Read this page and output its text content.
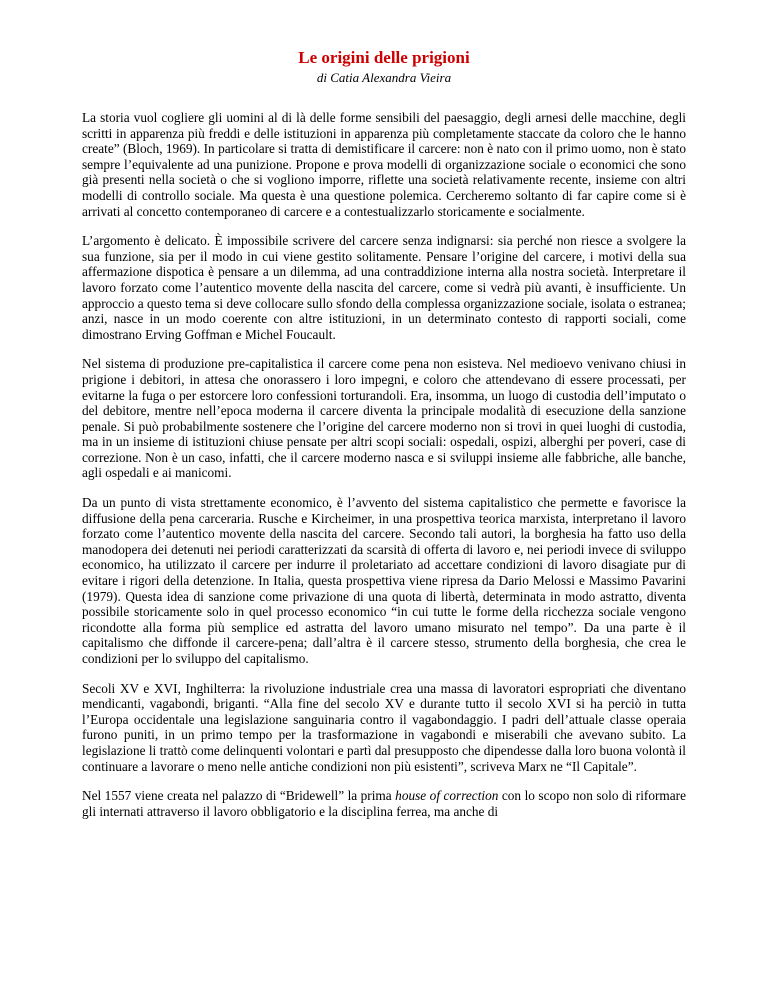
Le origini delle prigioni
di Catia Alexandra Vieira

La storia vuol cogliere gli uomini al di là delle forme sensibili del paesaggio, degli arnesi delle macchine, degli scritti in apparenza più freddi e delle istituzioni in apparenza più completamente staccate da coloro che le hanno create” (Bloch, 1969). In particolare si tratta di demistificare il carcere: non è nato con il primo uomo, non è stato sempre l’equivalente ad una punizione. Propone e prova modelli di organizzazione sociale o economici che sono già presenti nella società o che si vogliono imporre, riflette una società relativamente recente, insieme con altri modelli di controllo sociale. Ma questa è una questione polemica. Cercheremo soltanto di far capire come si è arrivati al concetto contemporaneo di carcere e a contestualizzarlo storicamente e socialmente.

L’argomento è delicato. È impossibile scrivere del carcere senza indignarsi: sia perché non riesce a svolgere la sua funzione, sia per il modo in cui viene gestito solitamente. Pensare l’origine del carcere, i motivi della sua affermazione dispotica è pensare a un dilemma, ad una contraddizione interna alla nostra società. Interpretare il lavoro forzato come l’autentico movente della nascita del carcere, come si vedrà più avanti, è insufficiente. Un approccio a questo tema si deve collocare sullo sfondo della complessa organizzazione sociale, isolata o estranea; anzi, nasce in un modo coerente con altre istituzioni, in un determinato contesto di rapporti sociali, come dimostrano Erving Goffman e Michel Foucault.

Nel sistema di produzione pre-capitalistica il carcere come pena non esisteva. Nel medioevo venivano chiusi in prigione i debitori, in attesa che onorassero i loro impegni, e coloro che attendevano di essere processati, per evitarne la fuga o per estorcere loro confessioni torturandoli. Era, insomma, un luogo di custodia dell’imputato o del debitore, mentre nell’epoca moderna il carcere diventa la principale modalità di esecuzione della sanzione penale. Si può probabilmente sostenere che l’origine del carcere moderno non si trovi in quei luoghi di custodia, ma in un insieme di istituzioni chiuse pensate per altri scopi sociali: ospedali, ospizi, alberghi per poveri, case di correzione. Non è un caso, infatti, che il carcere moderno nasca e si sviluppi insieme alle fabbriche, alle banche, agli ospedali e ai manicomi.

Da un punto di vista strettamente economico, è l’avvento del sistema capitalistico che permette e favorisce la diffusione della pena carceraria. Rusche e Kircheimer, in una prospettiva teorica marxista, interpretano il lavoro forzato come l’autentico movente della nascita del carcere. Secondo tali autori, la borghesia ha fatto uso della manodopera dei detenuti nei periodi caratterizzati da scarsità di offerta di lavoro e, nei periodi invece di sviluppo economico, ha utilizzato il carcere per indurre il proletariato ad accettare condizioni di lavoro disagiate pur di evitare i rigori della detenzione. In Italia, questa prospettiva viene ripresa da Dario Melossi e Massimo Pavarini (1979). Questa idea di sanzione come privazione di una quota di libertà, determinata in modo astratto, diventa possibile storicamente solo in quel processo economico “in cui tutte le forme della ricchezza sociale vengono ricondotte alla forma più semplice ed astratta del lavoro umano misurato nel tempo”. Da una parte è il capitalismo che diffonde il carcere-pena; dall’altra è il carcere stesso, strumento della borghesia, che crea le condizioni per lo sviluppo del capitalismo.

Secoli XV e XVI, Inghilterra: la rivoluzione industriale crea una massa di lavoratori espropriati che diventano mendicanti, vagabondi, briganti. “Alla fine del secolo XV e durante tutto il secolo XVI si ha perciò in tutta l’Europa occidentale una legislazione sanguinaria contro il vagabondaggio. I padri dell’attuale classe operaia furono puniti, in un primo tempo per la trasformazione in vagabondi e miserabili che avevano subito. La legislazione li trattò come delinquenti volontari e partì dal presupposto che dipendesse dalla loro buona volontà il continuare a lavorare o meno nelle antiche condizioni non più esistenti”, scriveva Marx ne “Il Capitale”.

Nel 1557 viene creata nel palazzo di “Bridewell” la prima house of correction con lo scopo non solo di riformare gli internati attraverso il lavoro obbligatorio e la disciplina ferrea, ma anche di
